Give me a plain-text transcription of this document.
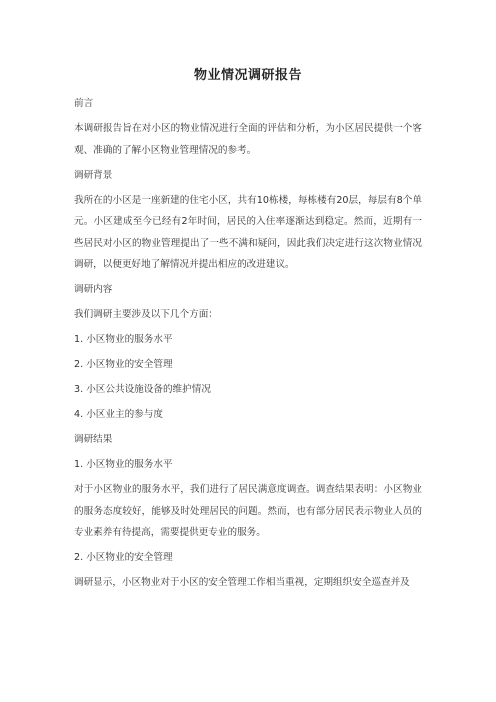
物业情况调研报告

前言

本调研报告旨在对小区的物业情况进行全面的评估和分析，为小区居民提供一个客观、准确的了解小区物业管理情况的参考。

调研背景

我所在的小区是一座新建的住宅小区，共有10栋楼，每栋楼有20层，每层有8个单元。小区建成至今已经有2年时间，居民的入住率逐渐达到稳定。然而，近期有一些居民对小区的物业管理提出了一些不满和疑问，因此我们决定进行这次物业情况调研，以便更好地了解情况并提出相应的改进建议。

调研内容

我们调研主要涉及以下几个方面：

1. 小区物业的服务水平

2. 小区物业的安全管理

3. 小区公共设施设备的维护情况

4. 小区业主的参与度

调研结果

1. 小区物业的服务水平

对于小区物业的服务水平，我们进行了居民满意度调查。调查结果表明：小区物业的服务态度较好，能够及时处理居民的问题。然而，也有部分居民表示物业人员的专业素养有待提高，需要提供更专业的服务。

2. 小区物业的安全管理

调研显示，小区物业对于小区的安全管理工作相当重视，定期组织安全巡查并及
